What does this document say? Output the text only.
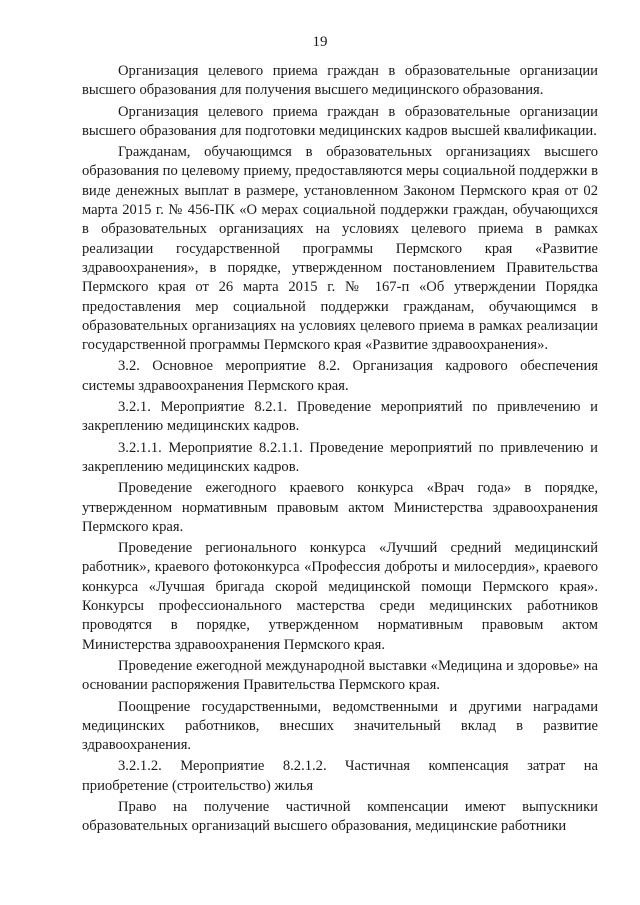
19

Организация целевого приема граждан в образовательные организации высшего образования для получения высшего медицинского образования.

Организация целевого приема граждан в образовательные организации высшего образования для подготовки медицинских кадров высшей квалификации.

Гражданам, обучающимся в образовательных организациях высшего образования по целевому приему, предоставляются меры социальной поддержки в виде денежных выплат в размере, установленном Законом Пермского края от 02 марта 2015 г. № 456-ПК «О мерах социальной поддержки граждан, обучающихся в образовательных организациях на условиях целевого приема в рамках реализации государственной программы Пермского края «Развитие здравоохранения», в порядке, утвержденном постановлением Правительства Пермского края от 26 марта 2015 г. № 167-п «Об утверждении Порядка предоставления мер социальной поддержки гражданам, обучающимся в образовательных организациях на условиях целевого приема в рамках реализации государственной программы Пермского края «Развитие здравоохранения».

3.2. Основное мероприятие 8.2. Организация кадрового обеспечения системы здравоохранения Пермского края.

3.2.1. Мероприятие 8.2.1. Проведение мероприятий по привлечению и закреплению медицинских кадров.

3.2.1.1. Мероприятие 8.2.1.1. Проведение мероприятий по привлечению и закреплению медицинских кадров.

Проведение ежегодного краевого конкурса «Врач года» в порядке, утвержденном нормативным правовым актом Министерства здравоохранения Пермского края.

Проведение регионального конкурса «Лучший средний медицинский работник», краевого фотоконкурса «Профессия доброты и милосердия», краевого конкурса «Лучшая бригада скорой медицинской помощи Пермского края». Конкурсы профессионального мастерства среди медицинских работников проводятся в порядке, утвержденном нормативным правовым актом Министерства здравоохранения Пермского края.

Проведение ежегодной международной выставки «Медицина и здоровье» на основании распоряжения Правительства Пермского края.

Поощрение государственными, ведомственными и другими наградами медицинских работников, внесших значительный вклад в развитие здравоохранения.

3.2.1.2. Мероприятие 8.2.1.2. Частичная компенсация затрат на приобретение (строительство) жилья

Право на получение частичной компенсации имеют выпускники образовательных организаций высшего образования, медицинские работники
